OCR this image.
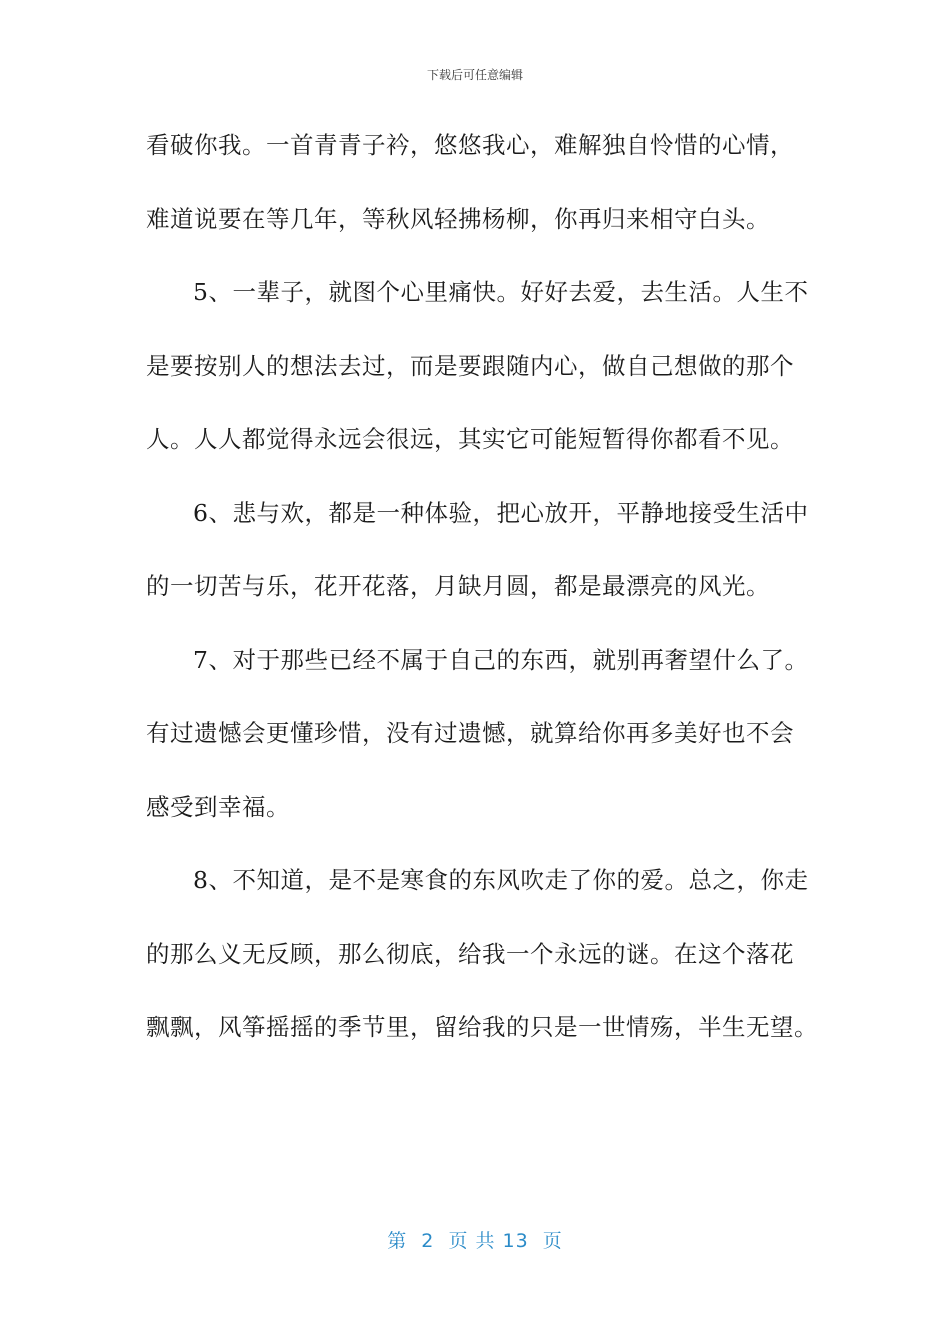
下载后可任意编辑
看破你我。一首青青子衿，悠悠我心，难解独自怜惜的心情，
难道说要在等几年，等秋风轻拂杨柳，你再归来相守白头。
5、一辈子，就图个心里痛快。好好去爱，去生活。人生不
是要按别人的想法去过，而是要跟随内心，做自己想做的那个
人。人人都觉得永远会很远，其实它可能短暂得你都看不见。
6、悲与欢，都是一种体验，把心放开，平静地接受生活中
的一切苦与乐，花开花落，月缺月圆，都是最漂亮的风光。
7、对于那些已经不属于自己的东西，就别再奢望什么了。
有过遗憾会更懂珍惜，没有过遗憾，就算给你再多美好也不会
感受到幸福。
8、不知道，是不是寒食的东风吹走了你的爱。总之，你走
的那么义无反顾，那么彻底，给我一个永远的谜。在这个落花
飘飘，风筝摇摇的季节里，留给我的只是一世情殇，半生无望。
第  2  页 共 13  页
